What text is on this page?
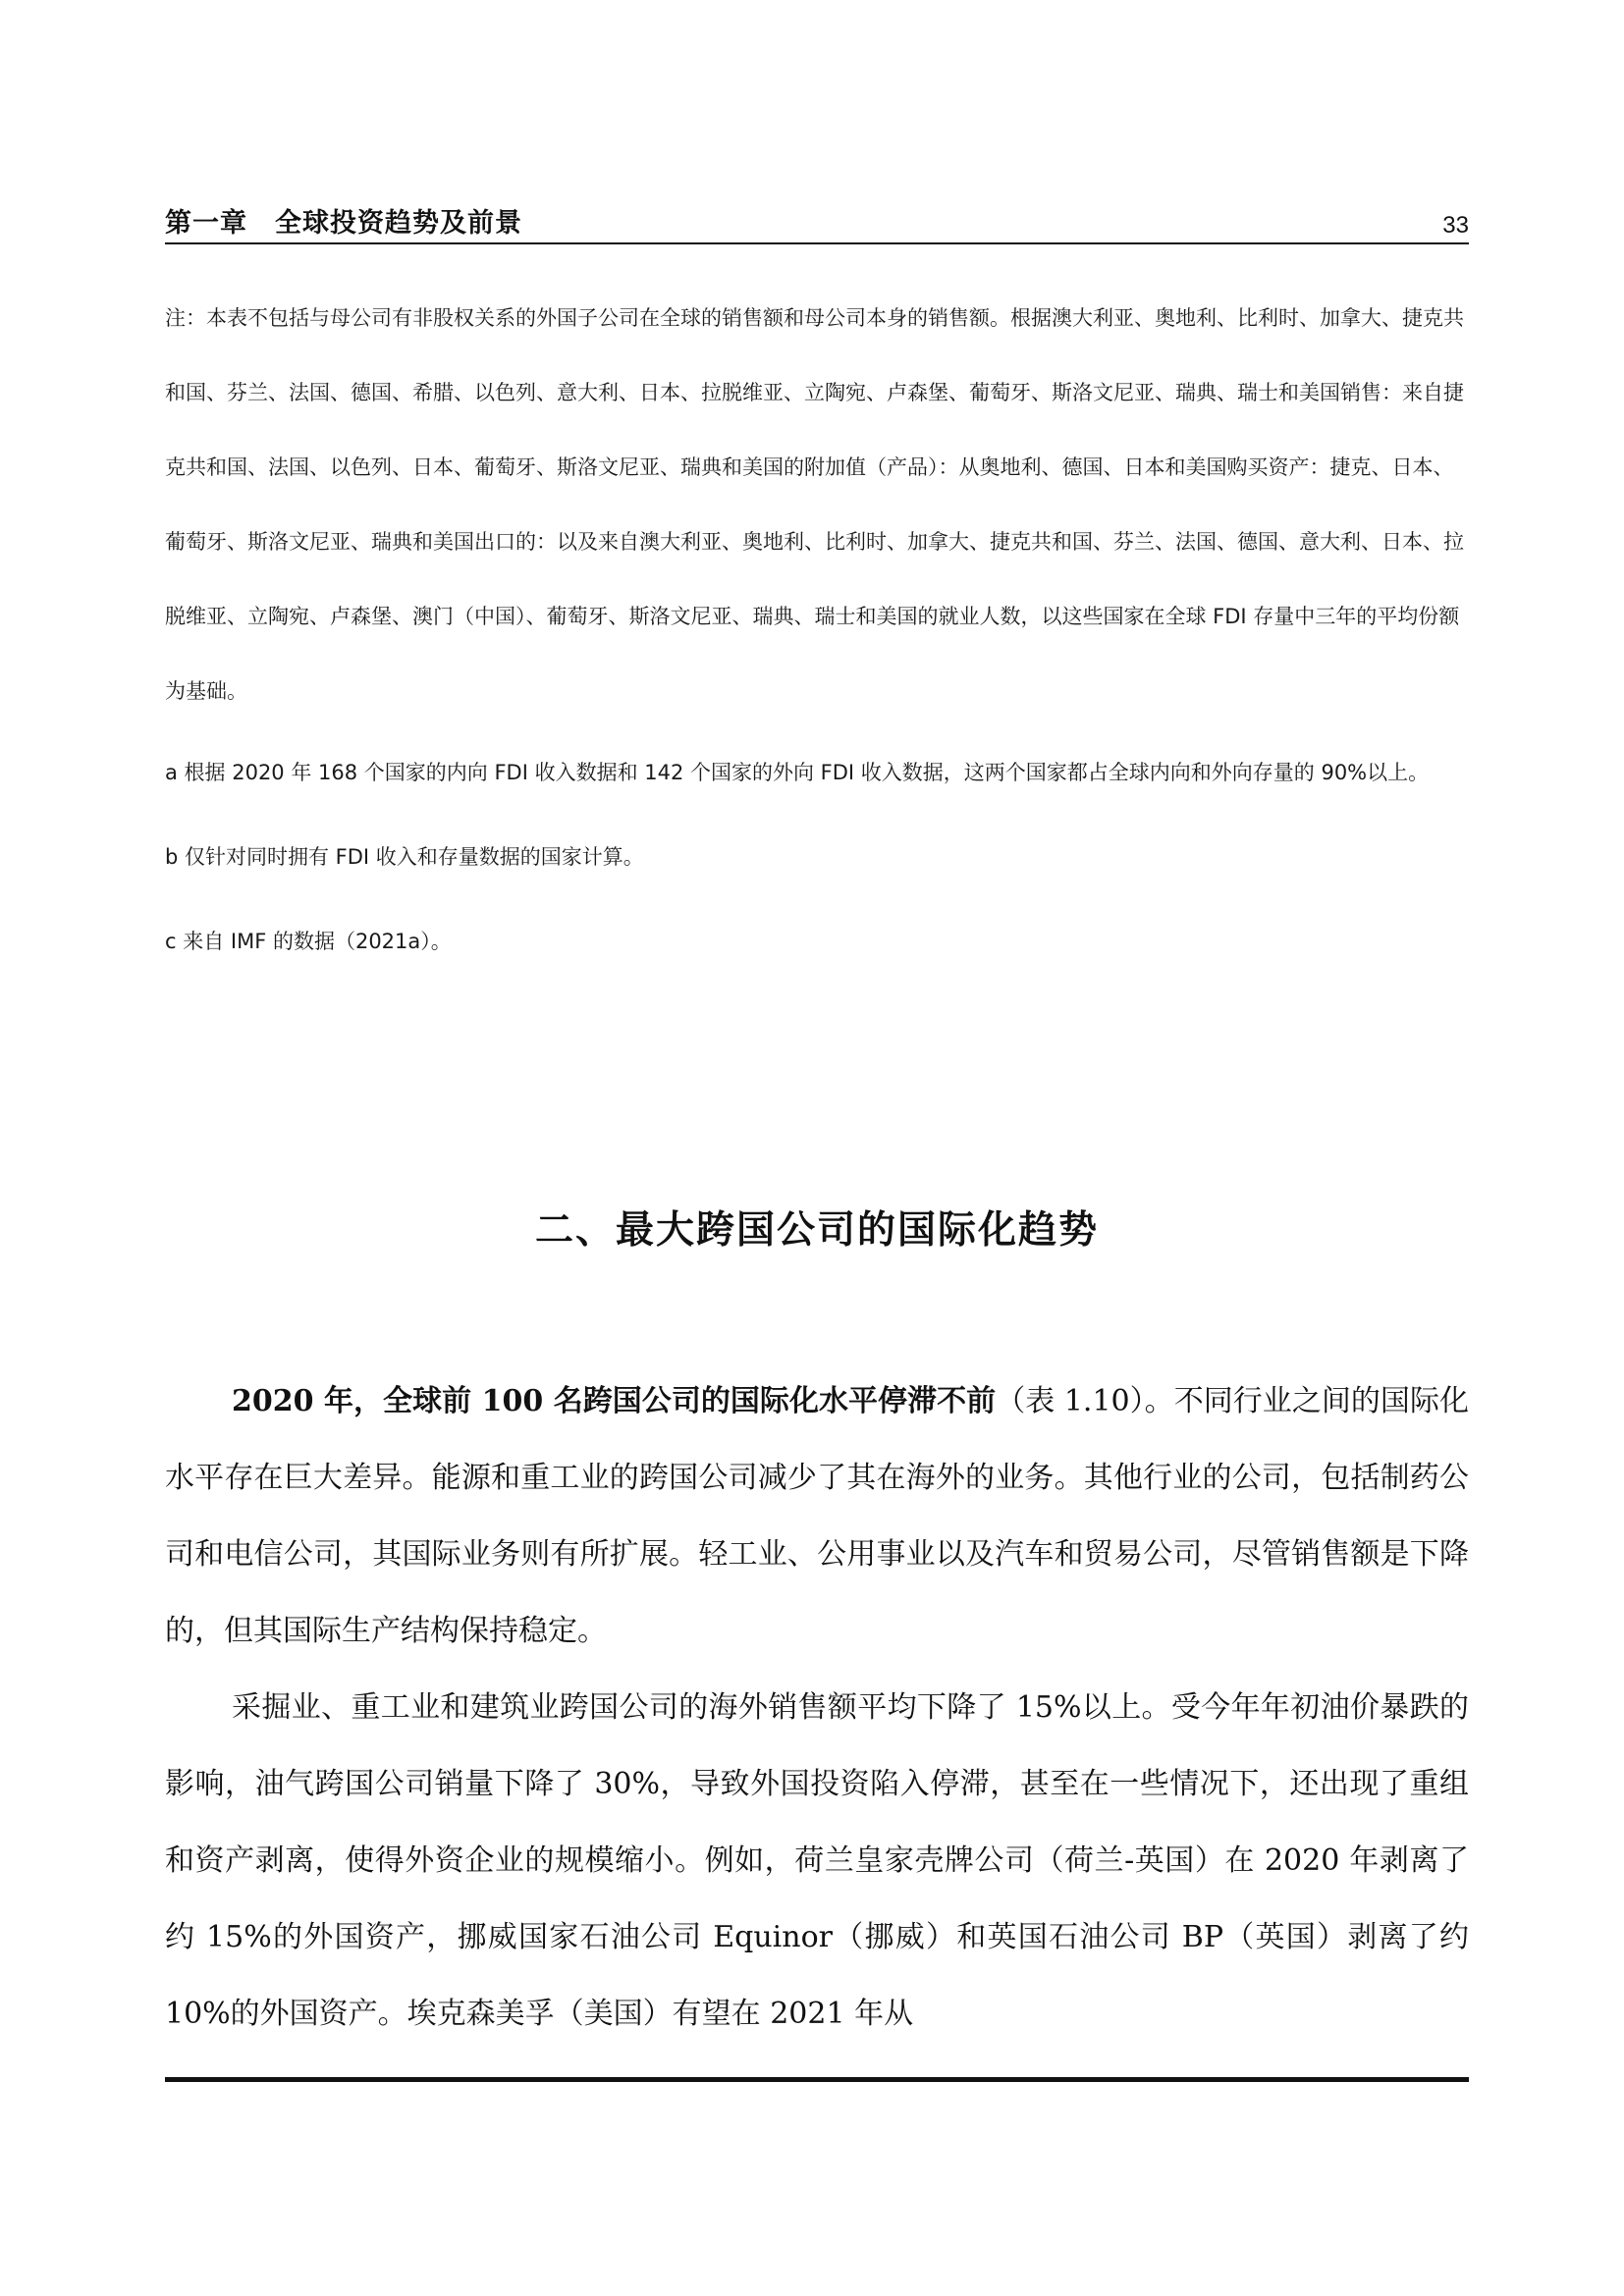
第一章　全球投资趋势及前景	33

注：本表不包括与母公司有非股权关系的外国子公司在全球的销售额和母公司本身的销售额。根据澳大利亚、奥地利、比利时、加拿大、捷克共和国、芬兰、法国、德国、希腊、以色列、意大利、日本、拉脱维亚、立陶宛、卢森堡、葡萄牙、斯洛文尼亚、瑞典、瑞士和美国销售：来自捷克共和国、法国、以色列、日本、葡萄牙、斯洛文尼亚、瑞典和美国的附加值（产品）：从奥地利、德国、日本和美国购买资产：捷克、日本、葡萄牙、斯洛文尼亚、瑞典和美国出口的：以及来自澳大利亚、奥地利、比利时、加拿大、捷克共和国、芬兰、法国、德国、意大利、日本、拉脱维亚、立陶宛、卢森堡、澳门（中国）、葡萄牙、斯洛文尼亚、瑞典、瑞士和美国的就业人数，以这些国家在全球 FDI 存量中三年的平均份额为基础。

a 根据 2020 年 168 个国家的内向 FDI 收入数据和 142 个国家的外向 FDI 收入数据，这两个国家都占全球内向和外向存量的 90%以上。

b 仅针对同时拥有 FDI 收入和存量数据的国家计算。

c 来自 IMF 的数据（2021a）。

二、最大跨国公司的国际化趋势

2020 年，全球前 100 名跨国公司的国际化水平停滞不前（表 1.10）。不同行业之间的国际化水平存在巨大差异。能源和重工业的跨国公司减少了其在海外的业务。其他行业的公司，包括制药公司和电信公司，其国际业务则有所扩展。轻工业、公用事业以及汽车和贸易公司，尽管销售额是下降的，但其国际生产结构保持稳定。

采掘业、重工业和建筑业跨国公司的海外销售额平均下降了 15%以上。受今年年初油价暴跌的影响，油气跨国公司销量下降了 30%，导致外国投资陷入停滞，甚至在一些情况下，还出现了重组和资产剥离，使得外资企业的规模缩小。例如，荷兰皇家壳牌公司（荷兰-英国）在 2020 年剥离了约 15%的外国资产，挪威国家石油公司 Equinor（挪威）和英国石油公司 BP（英国）剥离了约 10%的外国资产。埃克森美孚（美国）有望在 2021 年从
